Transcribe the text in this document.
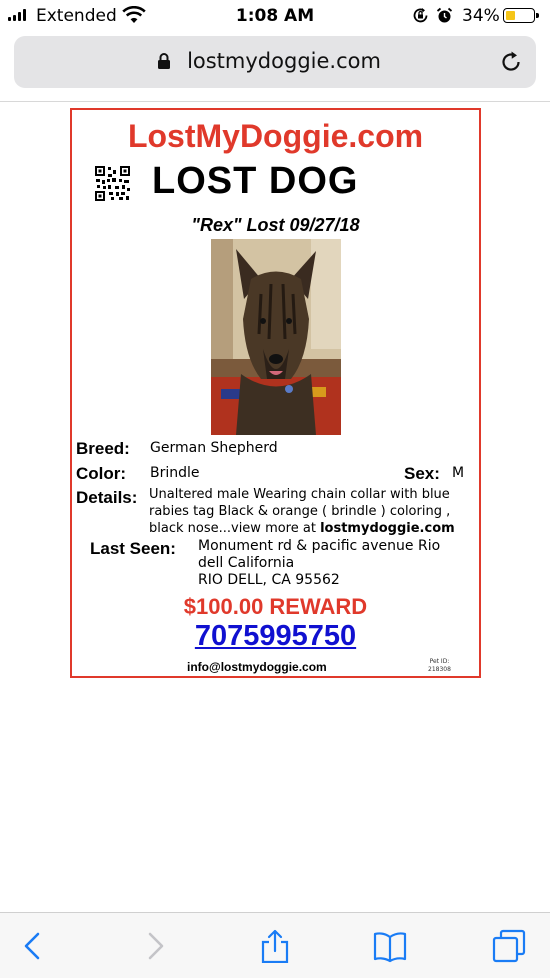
Extended	1:08 AM	34%
lostmydoggie.com
LostMyDoggie.com
LOST DOG
"Rex" Lost 09/27/18
Breed: German Shepherd
Color: Brindle	Sex: M
Details: Unaltered male Wearing chain collar with blue rabies tag Black & orange ( brindle ) coloring , black nose...view more at lostmydoggie.com
Last Seen: Monument rd & pacific avenue Rio
dell California
RIO DELL, CA 95562
$100.00 REWARD
7075995750
info@lostmydoggie.com	Pet ID:
218308
